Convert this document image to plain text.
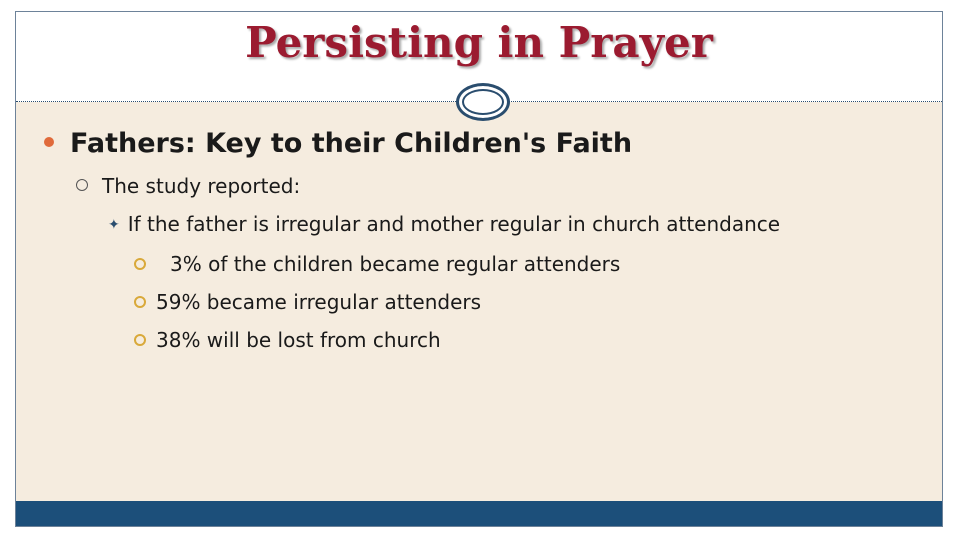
Persisting in Prayer
Fathers: Key to their Children's Faith
The study reported:
✦ If the father is irregular and mother regular in church attendance
3% of the children became regular attenders
59% became irregular attenders
38% will be lost from church
